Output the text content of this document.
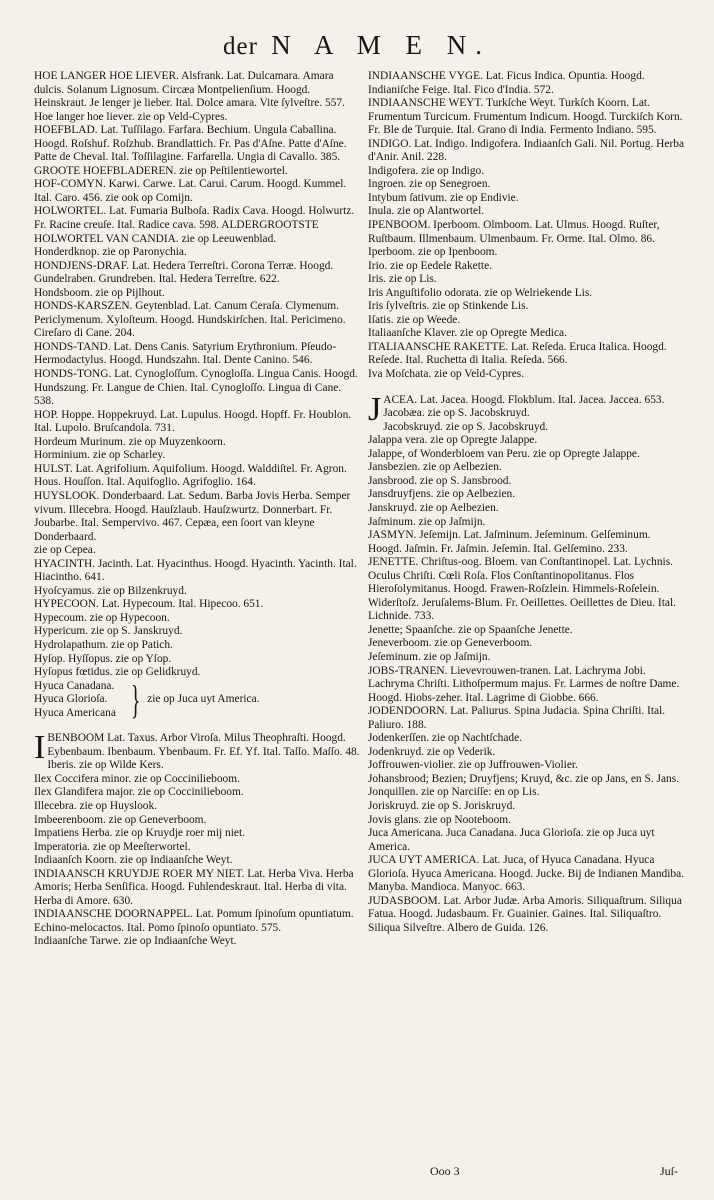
der N A M E N.
HOE LANGER HOE LIEVER. Alsfrank. Lat. Dulcamara. Amara dulcis. Solanum Lignosum. Circæa Montpelienſium. Hoogd. Heinskraut. Je lenger je lieber. Ital. Dolce amara. Vite ſylveſtre. 557.
Hoe langer hoe liever. zie op Veld-Cypres.
HOEFBLAD. Lat. Tuſſilago. Farfara. Bechium. Ungula Caballina. Hoogd. Roſshuf. Roſzhub. Brandlattich. Fr. Pas d'Aſne. Patte d'Aſne. Patte de Cheval. Ital. Toſſilagine. Farfarella. Ungia di Cavallo. 385. GROOTE HOEFBLADEREN. zie op Peſtilentiewortel.
HOF-COMYN. Karwi. Carwe. Lat. Carui. Carum. Hoogd. Kummel. Ital. Caro. 456. zie ook op Comijn.
HOLWORTEL. Lat. Fumaria Bulboſa. Radix Cava. Hoogd. Holwurtz. Fr. Racine creuſe. Ital. Radice cava. 598. ALDERGROOTSTE HOLWORTEL VAN CANDIA. zie op Leeuwenblad.
Honderdknop. zie op Paronychia.
HONDJENS-DRAF. Lat. Hedera Terreſtri. Corona Terræ. Hoogd. Gundelraben. Grundreben. Ital. Hedera Terreſtre. 622.
Hondsboom. zie op Pijlhout.
HONDS-KARSZEN. Geytenblad. Lat. Canum Ceraſa. Clymenum. Periclymenum. Xyloſteum. Hoogd. Hundskirſchen. Ital. Pericimeno. Cireſaro di Cane. 204.
HONDS-TAND. Lat. Dens Canis. Satyrium Erythronium. Pſeudo-Hermodactylus. Hoogd. Hundszahn. Ital. Dente Canino. 546.
HONDS-TONG. Lat. Cynogloſſum. Cynogloſſa. Lingua Canis. Hoogd. Hundszung. Fr. Langue de Chien. Ital. Cynogloſſo. Lingua di Cane. 538.
HOP. Hoppe. Hoppekruyd. Lat. Lupulus. Hoogd. Hopff. Fr. Houblon. Ital. Lupolo. Bruſcandola. 731.
Hordeum Murinum. zie op Muyzenkoorn.
Horminium. zie op Scharley.
HULST. Lat. Agrifolium. Aquifolium. Hoogd. Walddiſtel. Fr. Agron. Hous. Houſſon. Ital. Aquifoglio. Agrifoglio. 164.
HUYSLOOK. Donderbaard. Lat. Sedum. Barba Jovis Herba. Semper vivum. Illecebra. Hoogd. Hauſzlaub. Hauſzwurtz. Donnerbart. Fr. Joubarbe. Ital. Sempervivo. 467. Cepæa, een ſoort van kleyne Donderbaard.
zie op Cepea.
HYACINTH. Jacinth. Lat. Hyacinthus. Hoogd. Hyacinth. Yacinth. Ital. Hiacintho. 641.
Hyoſcyamus. zie op Bilzenkruyd.
HYPECOON. Lat. Hypecoum. Ital. Hipecoo. 651.
Hypecoum. zie op Hypecoon.
Hypericum. zie op S. Janskruyd.
Hydrolapathum. zie op Patich.
Hyſop. Hyſſopus. zie op Yſop.
Hyſopus fœtidus. zie op Gelidkruyd.
Hyuca Canadana.
Hyuca Glorioſa.
Hyuca Americana } zie op Juca uyt America.
I BENBOOM Lat. Taxus. Arbor Viroſa. Milus Theophraſti. Hoogd. Eybenbaum. Ibenbaum. Ybenbaum. Fr. Ef. Yf. Ital. Taſſo. Maſſo. 48.
Iberis. zie op Wilde Kers.
Ilex Coccifera minor. zie op Coccinilieboom.
Ilex Glandifera major. zie op Coccinilieboom.
Illecebra. zie op Huyslook.
Imbeerenboom. zie op Geneverboom.
Impatiens Herba. zie op Kruydje roer mij niet.
Imperatoria. zie op Meeſterwortel.
Indiaanſch Koorn. zie op Indiaanſche Weyt.
INDIAANSCH KRUYDJE ROER MY NIET. Lat. Herba Viva. Herba Amoris; Herba Senſifica. Hoogd. Fuhlendeskraut. Ital. Herba di vita. Herba di Amore. 630.
INDIAANSCHE DOORNAPPEL. Lat. Pomum ſpinoſum opuntiatum. Echino-melocactos. Ital. Pomo ſpinoſo opuntiato. 575.
Indiaanſche Tarwe. zie op Indiaanſche Weyt.
INDIAANSCHE VYGE. Lat. Ficus Indica. Opuntia. Hoogd. Indianiſche Feige. Ital. Fico d'India. 572.
INDIAANSCHE WEYT. Turkſche Weyt. Turkſch Koorn. Lat. Frumentum Turcicum. Frumentum Indicum. Hoogd. Turckiſch Korn. Fr. Ble de Turquie. Ital. Grano di India. Fermento Indiano. 595.
INDIGO. Lat. Indigo. Indigofera. Indiaanſch Gali. Nil. Portug. Herba d'Anir. Anil. 228.
Indigoferа. zie op Indigo.
Ingroen. zie op Senegroen.
Intybum ſativum. zie op Endivie.
Inula. zie op Alantwortel.
IPENBOOM. Iperboom. Olmboom. Lat. Ulmus. Hoogd. Ruſter, Ruſtbaum. Illmenbaum. Ulmenbaum. Fr. Orme. Ital. Olmo. 86.
Iperboom. zie op Ipenboom.
Irio. zie op Eedele Rakette.
Iris. zie op Lis.
Iris Anguſtifolio odorata. zie op Welriekende Lis.
Iris ſylveſtris. zie op Stinkende Lis.
Iſatis. zie op Weede.
Italiaanſche Klaver. zie op Opregte Medica.
ITALIAANSCHE RAKETTE. Lat. Reſeda. Eruca Italica. Hoogd. Reſede. Ital. Ruchetta di Italia. Reſeda. 566.
Iva Moſchata. zie op Veld-Cypres.
J ACEA. Lat. Jacea. Hoogd. Flokblum. Ital. Jacea. Jaccea. 653.
Jacobæa. zie op S. Jacobskruyd.
Jacobskruyd. zie op S. Jacobskruyd.
Jalappa vera. zie op Opregte Jalappe.
Jalappe, of Wonderbloem van Peru. zie op Opregte Jalappe.
Jansbezien. zie op Aelbezien.
Jansbrood. zie op S. Jansbrood.
Jansdruyfjens. zie op Aelbezien.
Janskruyd. zie op Aelbezien.
Jaſminum. zie op Jaſmijn.
JASMYN. Jeſemijn. Lat. Jaſminum. Jeſeminum. Gelſeminum. Hoogd. Jaſmin. Fr. Jaſmin. Jeſemin. Ital. Gelſemino. 233.
JENETTE. Chriſtus-oog. Bloem. van Conſtantinopel. Lat. Lychnis. Oculus Chriſti. Cœli Roſa. Flos Conſtantinopolitanus. Flos Hieroſolymitanus. Hoogd. Frawen-Roſzlein. Himmels-Roſelein. Widerſtoſz. Jeruſalems-Blum. Fr. Oeillettes. Oeillettes de Dieu. Ital. Lichnide. 733.
Jenette; Spaanſche. zie op Spaanſche Jenette.
Jeneverboom. zie op Geneverboom.
Jeſeminum. zie op Jaſmijn.
JOBS-TRANEN. Lievevrouwen-tranen. Lat. Lachryma Jobi. Lachryma Chriſti. Lithoſpermum majus. Fr. Larmes de noſtre Dame. Hoogd. Hiobs-zeher. Ital. Lagrime di Giobbe. 666.
JODENDOORN. Lat. Paliurus. Spina Judacia. Spina Chriſti. Ital. Paliuro. 188.
Jodenkerſſen. zie op Nachtſchade.
Jodenkruyd. zie op Vederik.
Joffrouwen-violier. zie op Juffrouwen-Violier.
Johansbrood; Bezien; Druyfjens; Kruyd, &c. zie op Jans, en S. Jans.
Jonquillen. zie op Narciſſe: en op Lis.
Joriskruyd. zie op S. Joriskruyd.
Jovis glans. zie op Nooteboom.
Juca Americana. Juca Canadana. Juca Glorioſa. zie op Juca uyt America.
JUCA UYT AMERICA. Lat. Juca, of Hyuca Canadana. Hyuca Glorioſa. Hyuca Americana. Hoogd. Jucke. Bij de Indianen Mandiba. Manyba. Mandioca. Manyoc. 663.
JUDASBOOM. Lat. Arbor Judæ. Arba Amoris. Siliquaſtrum. Siliqua Fatua. Hoogd. Judasbaum. Fr. Guainier. Gaines. Ital. Siliquaſtro. Siliqua Silveſtre. Albero de Guida. 126.
Ooo 3	Juſ-
